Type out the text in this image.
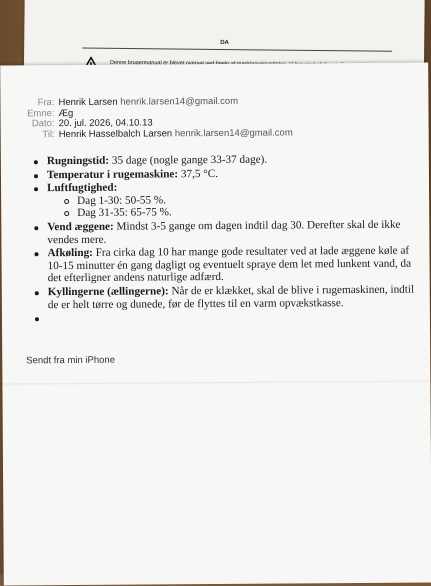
DA
Fra: Henrik Larsen henrik.larsen14@gmail.com
Emne: Æg
Dato: 20. jul. 2026, 04.10.13
Til: Henrik Hasselbalch Larsen henrik.larsen14@gmail.com
Rugningstid: 35 dage (nogle gange 33-37 dage).
Temperatur i rugemaskine: 37,5 °C.
Luftfugtighed:
Dag 1-30: 50-55 %.
Dag 31-35: 65-75 %.
Vend æggene: Mindst 3-5 gange om dagen indtil dag 30. Derefter skal de ikke vendes mere.
Afkøling: Fra cirka dag 10 har mange gode resultater ved at lade æggene køle af 10-15 minutter én gang dagligt og eventuelt sprayе dem let med lunkent vand, da det efterligner andens naturlige adfærd.
Kyllingerne (ællingerne): Når de er klækket, skal de blive i rugemaskinen, indtil de er helt tørre og dunede, før de flyttes til en varm opvækstkasse.

Sendt fra min iPhone
